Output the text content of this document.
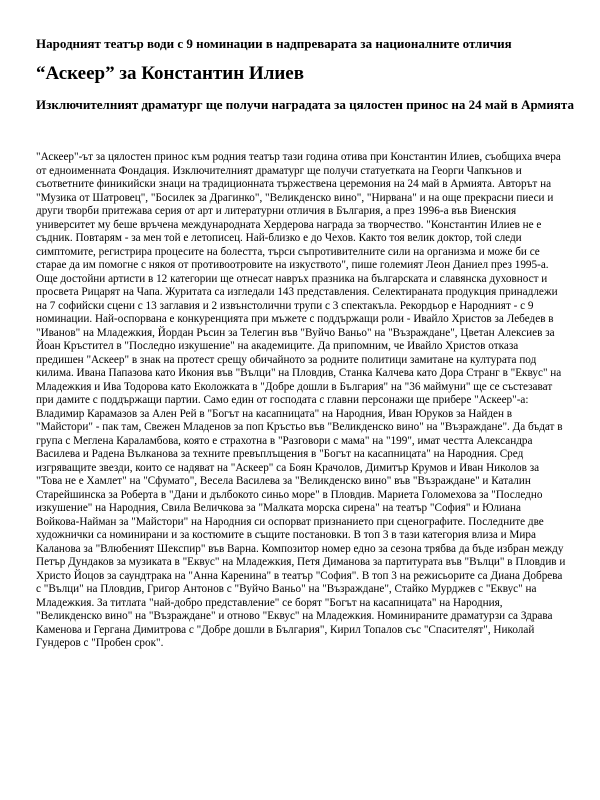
Народният театър води с 9 номинации в надпреварата за националните отличия
“Аскеер” за Константин Илиев
Изключителният драматург ще получи наградата за цялостен принос на 24 май в Армията

"Аскеер"-ът за цялостен принос към родния театър тази година отива при Константин Илиев, съобщиха вчера от едноименната Фондация. Изключителният драматург ще получи статуетката на Георги Чапкънов и съответните финикийски знаци на традиционната тържествена церемония на 24 май в Армията. Авторът на "Музика от Шатровец", "Босилек за Драгинко", "Великденско вино", "Нирвана" и на още прекрасни пиеси и други творби притежава серия от арт и литературни отличия в България, а през 1996-а във Виенския университет му беше връчена международната Хердерова награда за творчество. "Константин Илиев не е съдник. Повтарям - за мен той е летописец. Най-близко е до Чехов. Както тоя велик доктор, той следи симптомите, регистрира процесите на болестта, търси съпротивителните сили на организма и може би се старае да им помогне с някоя от противоотровите на изкуството", пише големият Леон Даниел през 1995-а.

Още достойни артисти в 12 категории ще отнесат навръх празника на българската и славянска духовност и просвета Рицарят на Чапа. Журитата са изгледали 143 представления. Селектираната продукция принадлежи на 7 софийски сцени с 13 заглавия и 2 извънстолични трупи с 3 спектакъла. Рекордьор е Народният - с 9 номинации. Най-оспорвана е конкуренцията при мъжете с поддържащи роли - Ивайло Христов за Лебедев в "Иванов" на Младежкия, Йордан Ръсин за Телегин във "Вуйчо Ваньо" на "Възраждане", Цветан Алексиев за Йоан Кръстител в "Последно изкушение" на академиците. Да припомним, че Ивайло Христов отказа предишен "Аскеер" в знак на протест срещу обичайното за родните политици замитане на културата под килима. Ивана Папазова като Икония във "Вълци" на Пловдив, Станка Калчева като Дора Странг в "Еквус" на Младежкия и Ива Тодорова като Еколожката в "Добре дошли в България" на "36 маймуни" ще се състезават при дамите с поддържащи партии. Само един от господата с главни персонажи ще прибере "Аскеер"-а: Владимир Карамазов за Ален Рей в "Богът на касапницата" на Народния, Иван Юруков за Найден в "Майстори" - пак там, Свежен Младенов за поп Кръстьо във "Великденско вино" на "Възраждане". Да бъдат в група с Меглена Караламбова, която е страхотна в "Разговори с мама" на "199", имат честта Александра Василева и Радена Вълканова за техните превъплъщения в "Богът на касапницата" на Народния. Сред изгряващите звезди, които се надяват на "Аскеер" са Боян Крачолов, Димитър Крумов и Иван Николов за "Това не е Хамлет" на "Сфумато", Весела Василева за "Великденско вино" във "Възраждане" и Каталин Старейшинска за Роберта в "Дани и дълбокото синьо море" в Пловдив. Мариета Голомехова за "Последно изкушение" на Народния, Свила Величкова за "Малката морска сирена" на театър "София" и Юлиана Войкова-Найман за "Майстори" на Народния си оспорват признанието при сценографите. Последните две художнички са номинирани и за костюмите в същите постановки. В топ 3 в тази категория влиза и Мира Каланова за "Влюбеният Шекспир" във Варна. Композитор номер едно за сезона трябва да бъде избран между Петър Дундаков за музиката в "Еквус" на Младежкия, Петя Диманова за партитурата във "Вълци" в Пловдив и Христо Йоцов за саундтрака на "Анна Каренина" в театър "София". В топ 3 на режисьорите са Диана Добрева с "Вълци" на Пловдив, Григор Антонов с "Вуйчо Ваньо" на "Възраждане", Стайко Мурджев с "Еквус" на Младежкия. За титлата "най-добро представление" се борят "Богът на касапницата" на Народния, "Великденско вино" на "Възраждане" и отново "Еквус" на Младежкия. Номинираните драматурзи са Здрава Каменова и Гергана Димитрова с "Добре дошли в България", Кирил Топалов със "Спасителят", Николай Гундеров с "Пробен срок".
